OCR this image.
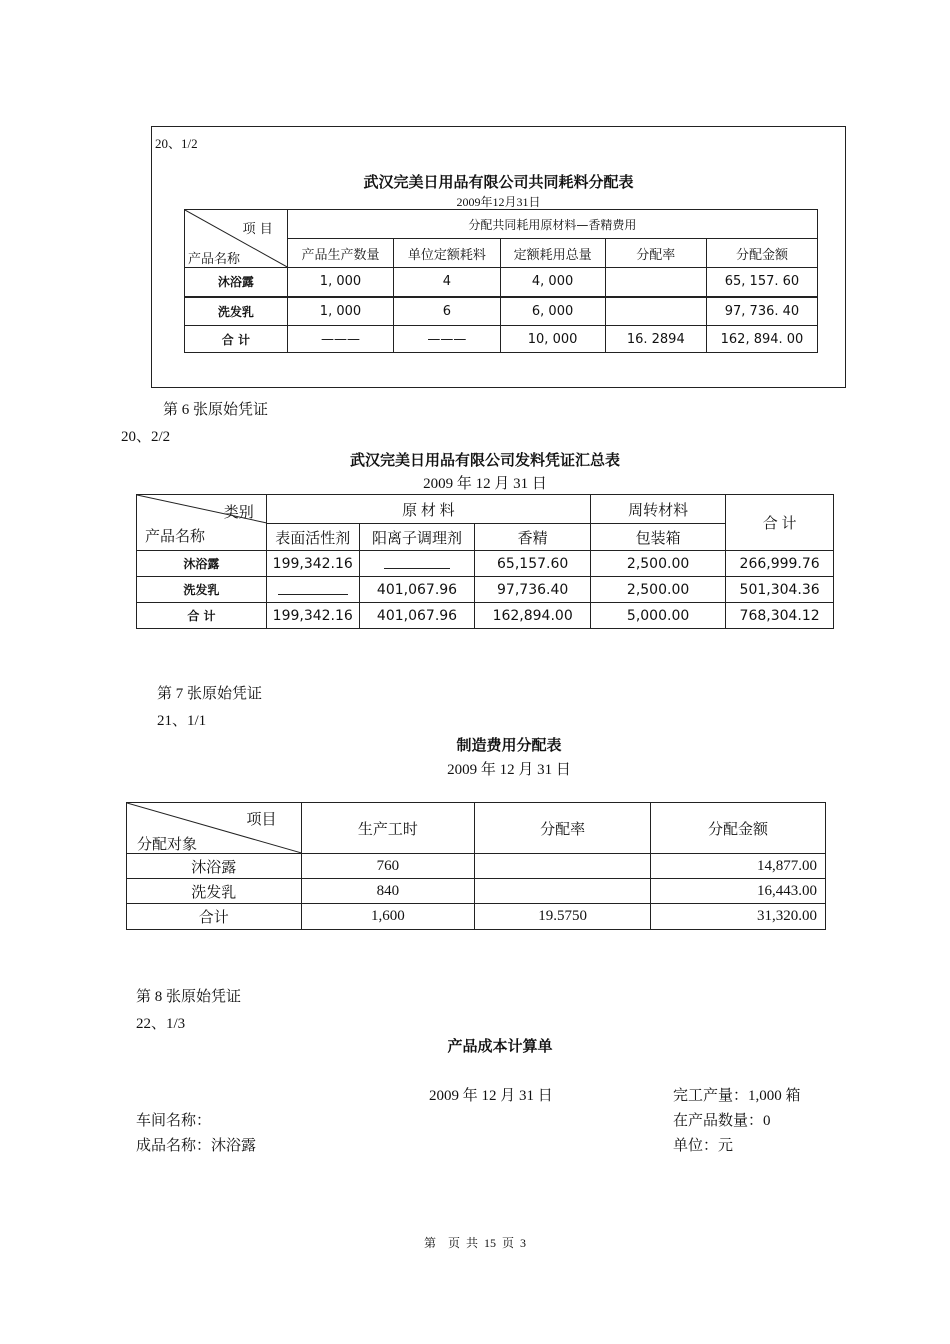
20、1/2
武汉完美日用品有限公司共同耗料分配表
2009年12月31日
项 目
产品名称	分配共同耗用原材料—香精费用				
	产品生产数量	单位定额耗料	定额耗用总量	分配率	分配金额
沐浴露	1, 000	4	4, 000		65, 157. 60
洗发乳	1, 000	6	6, 000		97, 736. 40
合 计	———	———	10, 000	16. 2894	162, 894. 00
第 6 张原始凭证
20、2/2
武汉完美日用品有限公司发料凭证汇总表
2009 年 12 月 31 日
类别
产品名称	原 材 料			周转材料	合 计
	表面活性剂	阳离子调理剂	香精	包装箱	
沐浴露	199,342.16		65,157.60	2,500.00	266,999.76
洗发乳		401,067.96	97,736.40	2,500.00	501,304.36
合 计	199,342.16	401,067.96	162,894.00	5,000.00	768,304.12
第 7 张原始凭证
21、1/1
制造费用分配表
2009 年 12 月 31 日
项目
分配对象	生产工时	分配率	分配金额
沐浴露	760		14,877.00
洗发乳	840		16,443.00
合计	1,600	19.5750	31,320.00
第 8 张原始凭证
22、1/3
产品成本计算单
2009 年 12 月 31 日	完工产量：1,000 箱
车间名称：	在产品数量：0
成品名称：沐浴露	单位：元
第    页  共  15  页  3
